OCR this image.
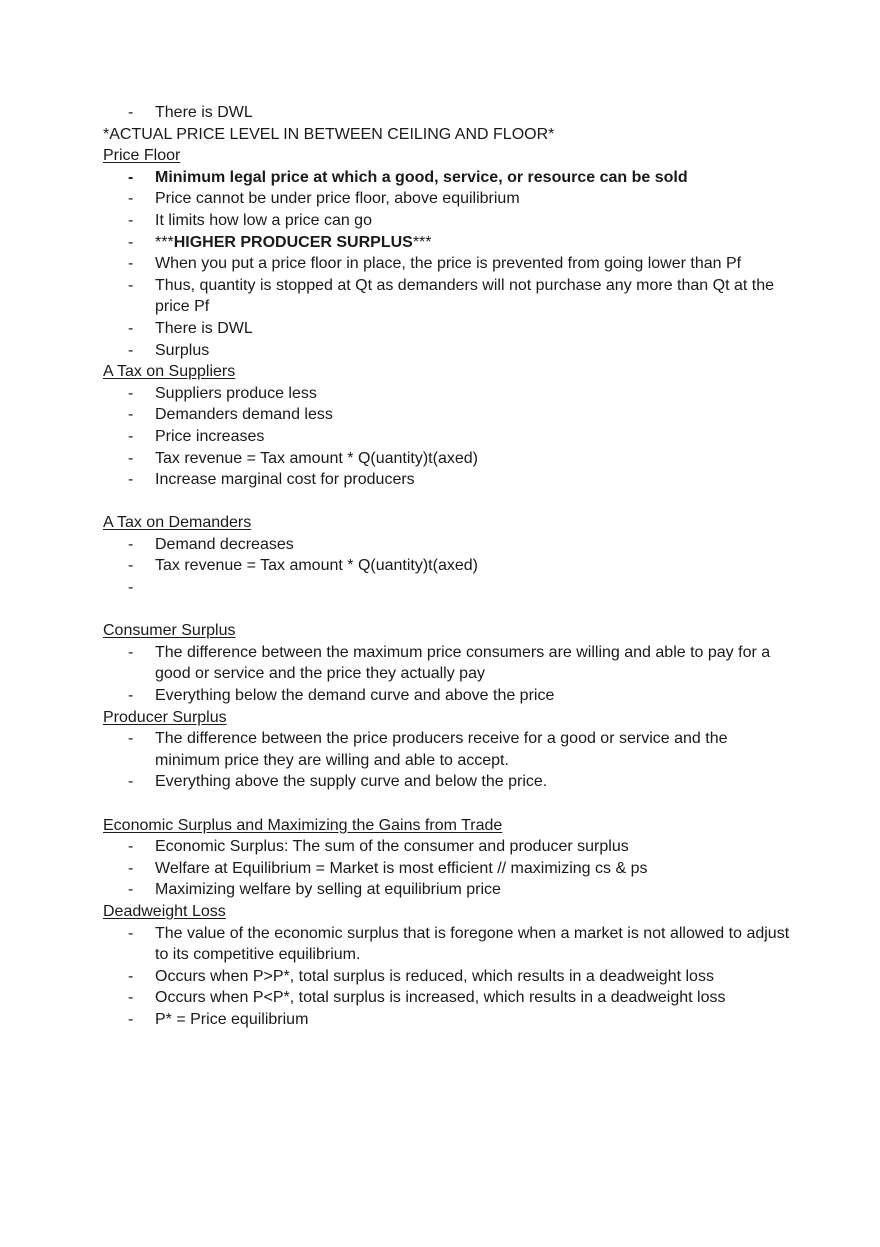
- There is DWL
*ACTUAL PRICE LEVEL IN BETWEEN CEILING AND FLOOR*
Price Floor
- Minimum legal price at which a good, service, or resource can be sold
- Price cannot be under price floor, above equilibrium
- It limits how low a price can go
- ***HIGHER PRODUCER SURPLUS***
- When you put a price floor in place, the price is prevented from going lower than Pf
- Thus, quantity is stopped at Qt as demanders will not purchase any more than Qt at the price Pf
- There is DWL
- Surplus
A Tax on Suppliers
- Suppliers produce less
- Demanders demand less
- Price increases
- Tax revenue = Tax amount * Q(uantity)t(axed)
- Increase marginal cost for producers
A Tax on Demanders
- Demand decreases
- Tax revenue = Tax amount * Q(uantity)t(axed)
-
Consumer Surplus
- The difference between the maximum price consumers are willing and able to pay for a good or service and the price they actually pay
- Everything below the demand curve and above the price
Producer Surplus
- The difference between the price producers receive for a good or service and the minimum price they are willing and able to accept.
- Everything above the supply curve and below the price.
Economic Surplus and Maximizing the Gains from Trade
- Economic Surplus: The sum of the consumer and producer surplus
- Welfare at Equilibrium = Market is most efficient // maximizing cs & ps
- Maximizing welfare by selling at equilibrium price
Deadweight Loss
- The value of the economic surplus that is foregone when a market is not allowed to adjust to its competitive equilibrium.
- Occurs when P>P*, total surplus is reduced, which results in a deadweight loss
- Occurs when P<P*, total surplus is increased, which results in a deadweight loss
- P* = Price equilibrium
